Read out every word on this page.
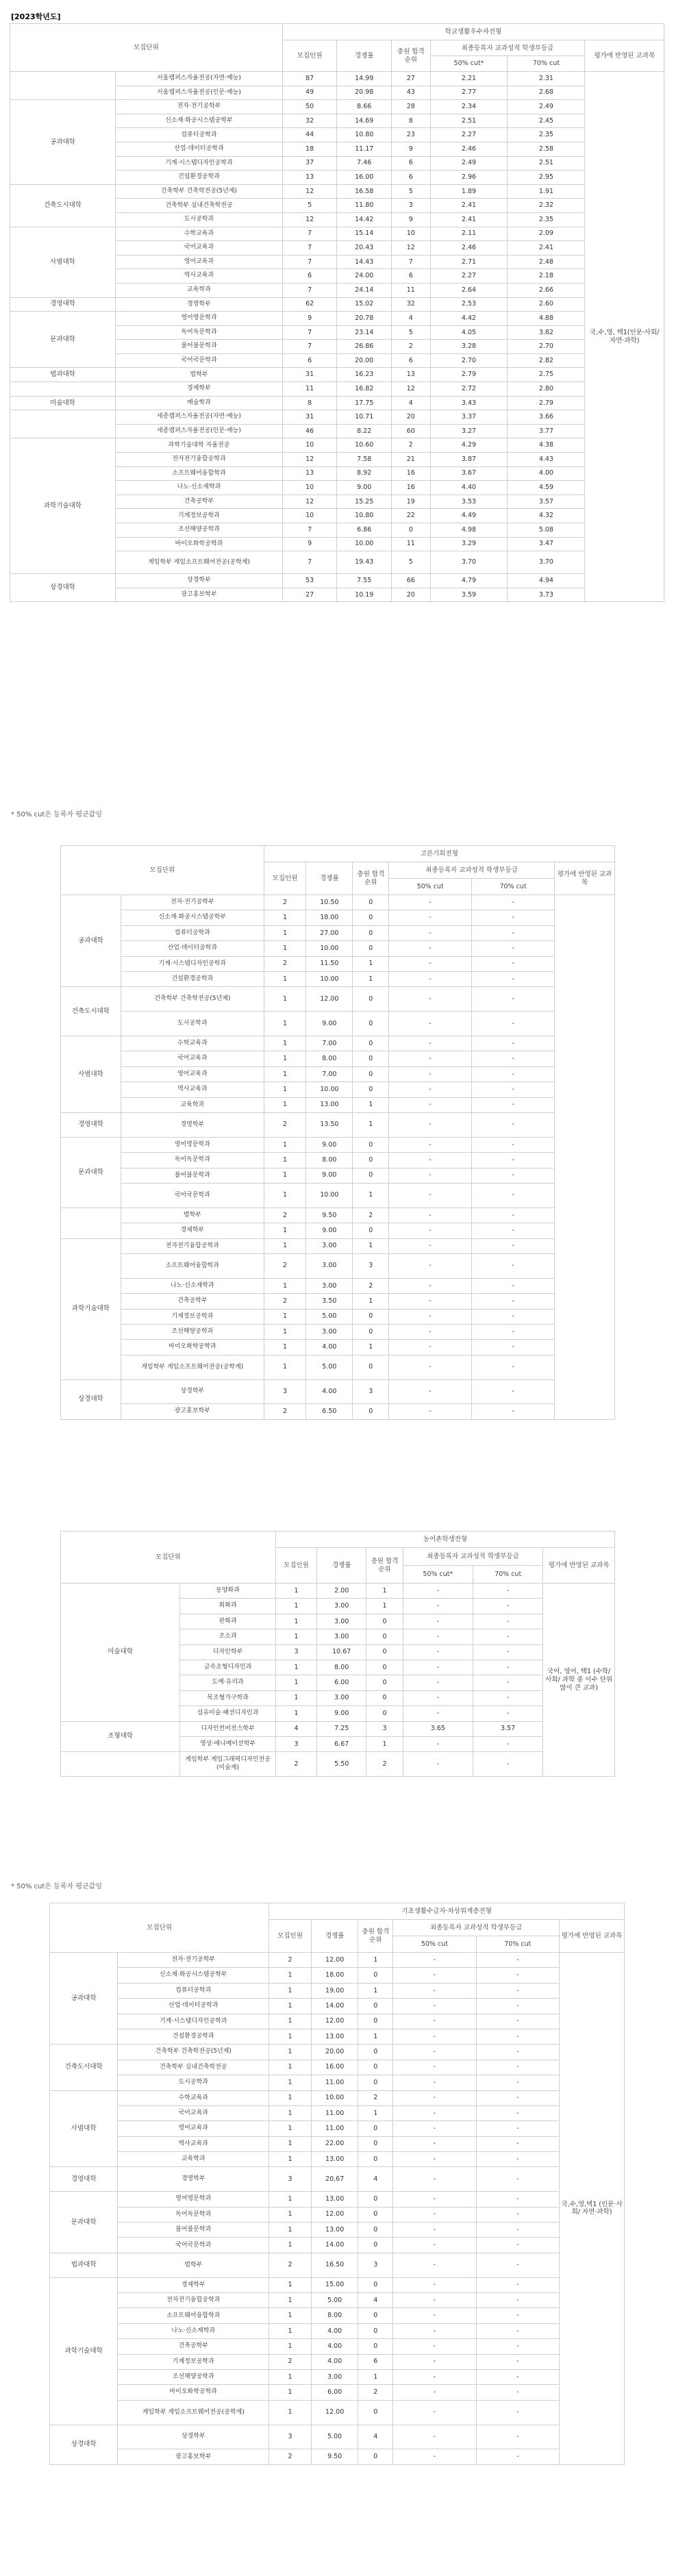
[2023학년도]
모집단위		학교생활우수자전형					
		모집인원	경쟁률	충원 합격 순위	최종등록자 교과성적 학생부등급
50% cut* 70% cut		평가에 반영된 교과목
	서울캠퍼스자율전공(자연·예능)	87	14.99	27	2.21	2.31	국,수,영, 택1(인문·사회/자연·과학)
	서울캠퍼스자율전공(인문·예능)	49	20.98	43	2.77	2.68	
공과대학	전자·전기공학부	50	8.66	28	2.34	2.49	
	신소재·화공시스템공학부	32	14.69	8	2.51	2.45	
	컴퓨터공학과	44	10.80	23	2.27	2.35	
	산업·데이터공학과	18	11.17	9	2.46	2.58	
	기계·시스템디자인공학과	37	7.46	6	2.49	2.51	
	건설환경공학과	13	16.00	6	2.96	2.95	
건축도시대학	건축학부 건축학전공(5년제)	12	16.58	5	1.89	1.91	
	건축학부 실내건축학전공	5	11.80	3	2.41	2.32	
	도시공학과	12	14.42	9	2.41	2.35	
사범대학	수학교육과	7	15.14	10	2.11	2.09	
	국어교육과	7	20.43	12	2.46	2.41	
	영어교육과	7	14.43	7	2.71	2.48	
	역사교육과	6	24.00	6	2.27	2.18	
	교육학과	7	24.14	11	2.64	2.66	
경영대학	경영학부	62	15.02	32	2.53	2.60	
문과대학	영어영문학과	9	20.78	4	4.42	4.88	
	독어독문학과	7	23.14	5	4.05	3.82	
	불어불문학과	7	26.86	2	3.28	2.70	
	국어국문학과	6	20.00	6	2.70	2.82	
법과대학	법학부	31	16.23	13	2.79	2.75	
	경제학부	11	16.82	12	2.72	2.80	
미술대학	예술학과	8	17.75	4	3.43	2.79	
	세종캠퍼스자율전공(자연·예능)	31	10.71	20	3.37	3.66	
	세종캠퍼스자율전공(인문·예능)	46	8.22	60	3.27	3.77	
과학기술대학	과학기술대학 자율전공	10	10.60	2	4.29	4.38	
	전자전기융합공학과	12	7.58	21	3.87	4.43	
	소프트웨어융합학과	13	8.92	16	3.67	4.00	
	나노·신소재학과	10	9.00	16	4.40	4.59	
	건축공학부	12	15.25	19	3.53	3.57	
	기계정보공학과	10	10.80	22	4.49	4.32	
	조선해양공학과	7	6.86	0	4.98	5.08	
	바이오화학공학과	9	10.00	11	3.29	3.47	
	게임학부 게임소프트웨어전공(공학계)	7	19.43	5	3.70	3.70	
상경대학	상경학부	53	7.55	66	4.79	4.94	
	광고홍보학부	27	10.19	20	3.59	3.73	
* 50% cut은 등록자 평균값임
모집단위		고른기회전형					
		모집인원	경쟁률	충원 합격 순위	최종등록자 교과성적 학생부등급
50% cut 70% cut		평가에 반영된 교과목
공과대학	전자·전기공학부	2	10.50	0	-	-	
	신소재·화공시스템공학부	1	18.00	0	-	-	
	컴퓨터공학과	1	27.00	0	-	-	
	산업·데이터공학과	1	10.00	0	-	-	
	기계·시스템디자인공학과	2	11.50	1	-	-	
	건설환경공학과	1	10.00	1	-	-	
건축도시대학	건축학부 건축학전공(5년제)	1	12.00	0	-	-	
	도시공학과	1	9.00	0	-	-	
사범대학	수학교육과	1	7.00	0	-	-	
	국어교육과	1	8.00	0	-	-	
	영어교육과	1	7.00	0	-	-	
	역사교육과	1	10.00	0	-	-	
	교육학과	1	13.00	1	-	-	
경영대학	경영학부	2	13.50	1	-	-	
문과대학	영어영문학과	1	9.00	0	-	-	
	독어독문학과	1	8.00	0	-	-	
	불어불문학과	1	9.00	0	-	-	
	국어국문학과	1	10.00	1	-	-	
	법학부	2	9.50	2	-	-	
	경제학부	1	9.00	0	-	-	
과학기술대학	전자전기융합공학과	1	3.00	1	-	-	
	소프트웨어융합학과	2	3.00	3	-	-	
	나노·신소재학과	1	3.00	2	-	-	
	건축공학부	2	3.50	1	-	-	
	기계정보공학과	1	5.00	0	-	-	
	조선해양공학과	1	3.00	0	-	-	
	바이오화학공학과	1	4.00	1	-	-	
	게임학부 게임소프트웨어전공(공학계)	1	5.00	0	-	-	
상경대학	상경학부	3	4.00	3	-	-	
	광고홍보학부	2	6.50	0	-	-	
모집단위		농어촌학생전형					
		모집인원	경쟁률	충원 합격 순위	최종등록자 교과성적 학생부등급
50% cut* 70% cut		평가에 반영된 교과목
미술대학	동양화과	1	2.00	1	-	-	국어, 영어, 택1 (수학/ 사회/ 과학 중 이수 단위 많이 큰 교과)
	회화과	1	3.00	1	-	-	
	판화과	1	3.00	0	-	-	
	조소과	1	3.00	0	-	-	
	디자인학부	3	10.67	0	-	-	
	금속조형디자인과	1	8.00	0	-	-	
	도예·유리과	1	6.00	0	-	-	
	목조형가구학과	1	3.00	0	-	-	
	섬유미술·패션디자인과	1	9.00	0	-	-	
조형대학	디자인컨버전스학부	4	7.25	3	3.65	3.57	
	영상·애니메이션학부	3	6.67	1	-	-	
	게임학부 게임그래픽디자인전공(미술계)	2	5.50	2	-	-	
* 50% cut은 등록자 평균값임
모집단위		기초생활수급자·차상위계층전형					
		모집인원	경쟁률	충원 합격 순위	최종등록자 교과성적 학생부등급
50% cut 70% cut		평가에 반영된 교과목
공과대학	전자·전기공학부	2	12.00	1	-	-	국,수,영,택1 (인문·사회/ 자연·과학)
	신소재·화공시스템공학부	1	18.00	0	-	-	
	컴퓨터공학과	1	19.00	1	-	-	
	산업·데이터공학과	1	14.00	0	-	-	
	기계·시스템디자인공학과	1	12.00	0	-	-	
	건설환경공학과	1	13.00	1	-	-	
건축도시대학	건축학부 건축학전공(5년제)	1	20.00	0	-	-	
	건축학부 실내건축학전공	1	16.00	0	-	-	
	도시공학과	1	11.00	0	-	-	
사범대학	수학교육과	1	10.00	2	-	-	
	국어교육과	1	11.00	1	-	-	
	영어교육과	1	11.00	0	-	-	
	역사교육과	1	22.00	0	-	-	
	교육학과	1	13.00	0	-	-	
경영대학	경영학부	3	20.67	4	-	-	
문과대학	영어영문학과	1	13.00	0	-	-	
	독어독문학과	1	12.00	0	-	-	
	불어불문학과	1	13.00	0	-	-	
	국어국문학과	1	14.00	0	-	-	
법과대학	법학부	2	16.50	3	-	-	
과학기술대학	경제학부	1	15.00	0	-	-	
	전자전기융합공학과	1	5.00	4	-	-	
	소프트웨어융합학과	1	8.00	0	-	-	
	나노·신소재학과	1	4.00	0	-	-	
	건축공학부	1	4.00	0	-	-	
	기계정보공학과	2	4.00	6	-	-	
	조선해양공학과	1	3.00	1	-	-	
	바이오화학공학과	1	6.00	2	-	-	
	게임학부 게임소프트웨어전공(공학계)	1	12.00	0	-	-	
상경대학	상경학부	3	5.00	4	-	-	
	광고홍보학부	2	9.50	0	-	-	
